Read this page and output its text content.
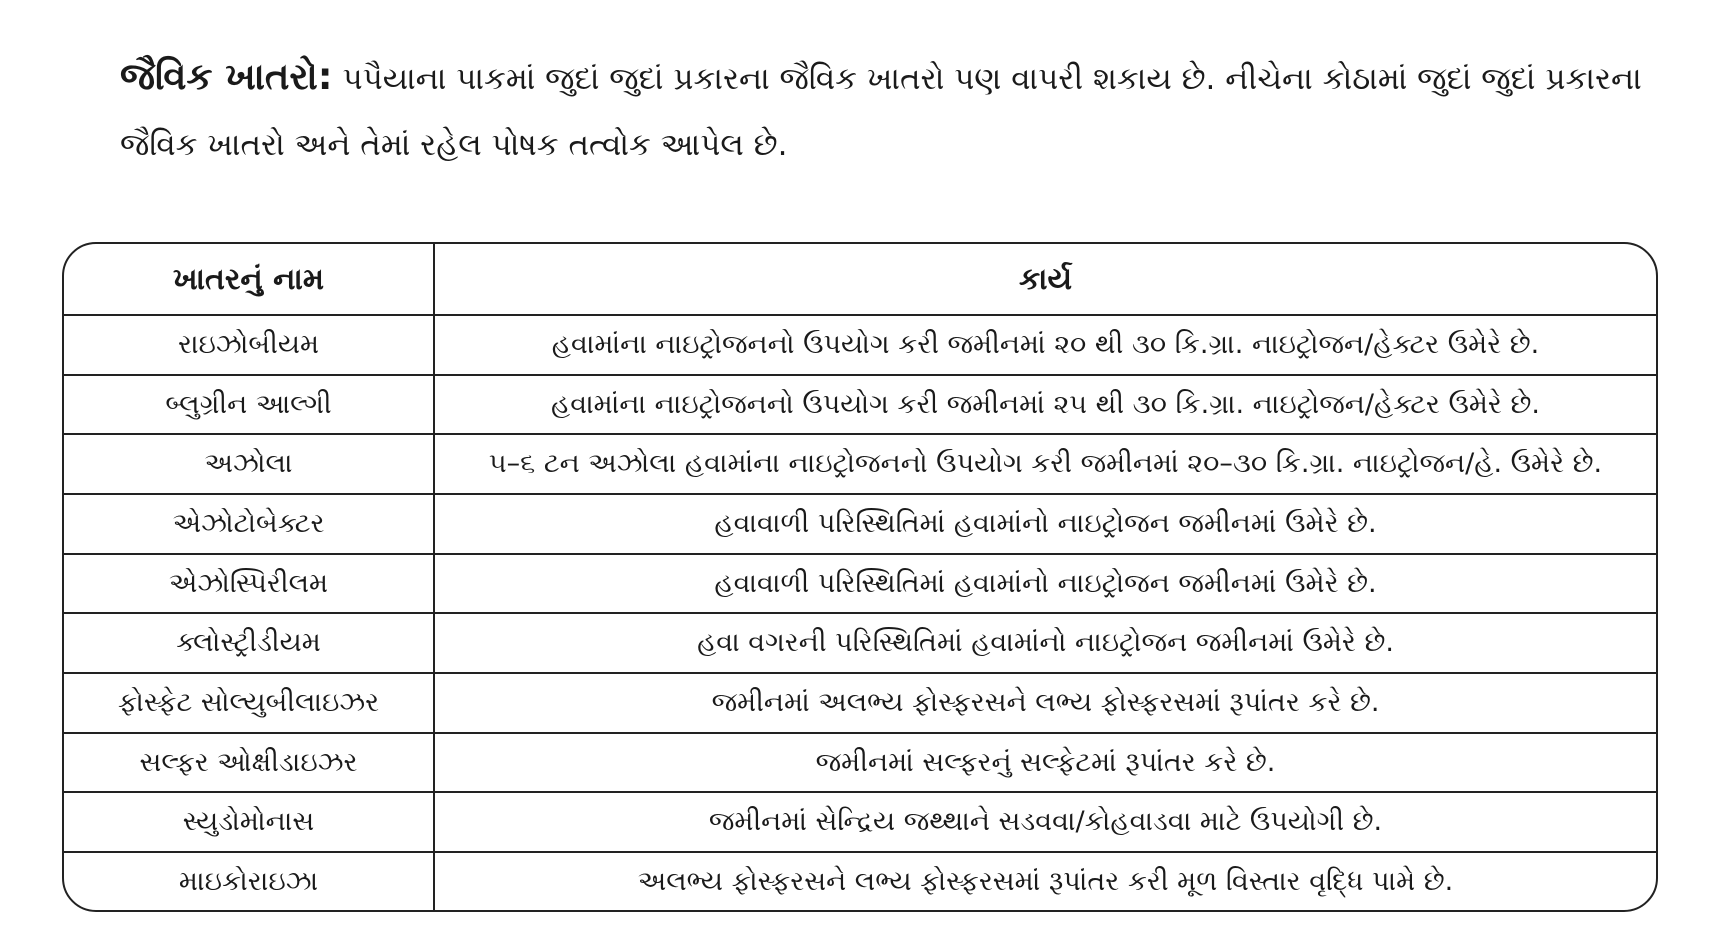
જૈવિક ખાતરો: પપૈયાના પાકમાં જુદાં જુદાં પ્રકારના જૈવિક ખાતરો પણ વાપરી શકાય છે. નીચેના કોઠામાં જુદાં જુદાં પ્રકારના જૈવિક ખાતરો અને તેમાં રહેલ પોષક તત્વોક આપેલ છે.
ખાતરનું નામ	કાર્ય
રાઇઝોબીયમ	હવામાંના નાઇટ્રોજનનો ઉપયોગ કરી જમીનમાં ૨૦ થી ૩૦ કિ.ગ્રા. નાઇટ્રોજન/હેક્ટર ઉમેરે છે.
બ્લુગ્રીન આલ્ગી	હવામાંના નાઇટ્રોજનનો ઉપયોગ કરી જમીનમાં ૨૫ થી ૩૦ કિ.ગ્રા. નાઇટ્રોજન/હેક્ટર ઉમેરે છે.
અઝોલા	૫–૬ ટન અઝોલા હવામાંના નાઇટ્રોજનનો ઉપયોગ કરી જમીનમાં ૨૦–૩૦ કિ.ગ્રા. નાઇટ્રોજન/હે. ઉમેરે છે.
એઝોટોબેક્ટર	હવાવાળી પરિસ્થિતિમાં હવામાંનો નાઇટ્રોજન જમીનમાં ઉમેરે છે.
એઝોસ્પિરીલમ	હવાવાળી પરિસ્થિતિમાં હવામાંનો નાઇટ્રોજન જમીનમાં ઉમેરે છે.
ક્લોસ્ટ્રીડીયમ	હવા વગરની પરિસ્થિતિમાં હવામાંનો નાઇટ્રોજન જમીનમાં ઉમેરે છે.
ફોસ્ફેટ સોલ્યુબીલાઇઝર	જમીનમાં અલભ્ય ફોસ્ફરસને લભ્ય ફોસ્ફરસમાં રૂપાંતર કરે છે.
સલ્ફર ઓક્ષીડાઇઝર	જમીનમાં સલ્ફરનું સલ્ફેટમાં રૂપાંતર કરે છે.
સ્યુડોમોનાસ	જમીનમાં સેન્દ્રિય જથ્થાને સડવવા/કોહવાડવા માટે ઉપયોગી છે.
માઇકોરાઇઝા	અલભ્ય ફોસ્ફરસને લભ્ય ફોસ્ફરસમાં રૂપાંતર કરી મૂળ વિસ્તાર વૃદ્ધિ પામે છે.
